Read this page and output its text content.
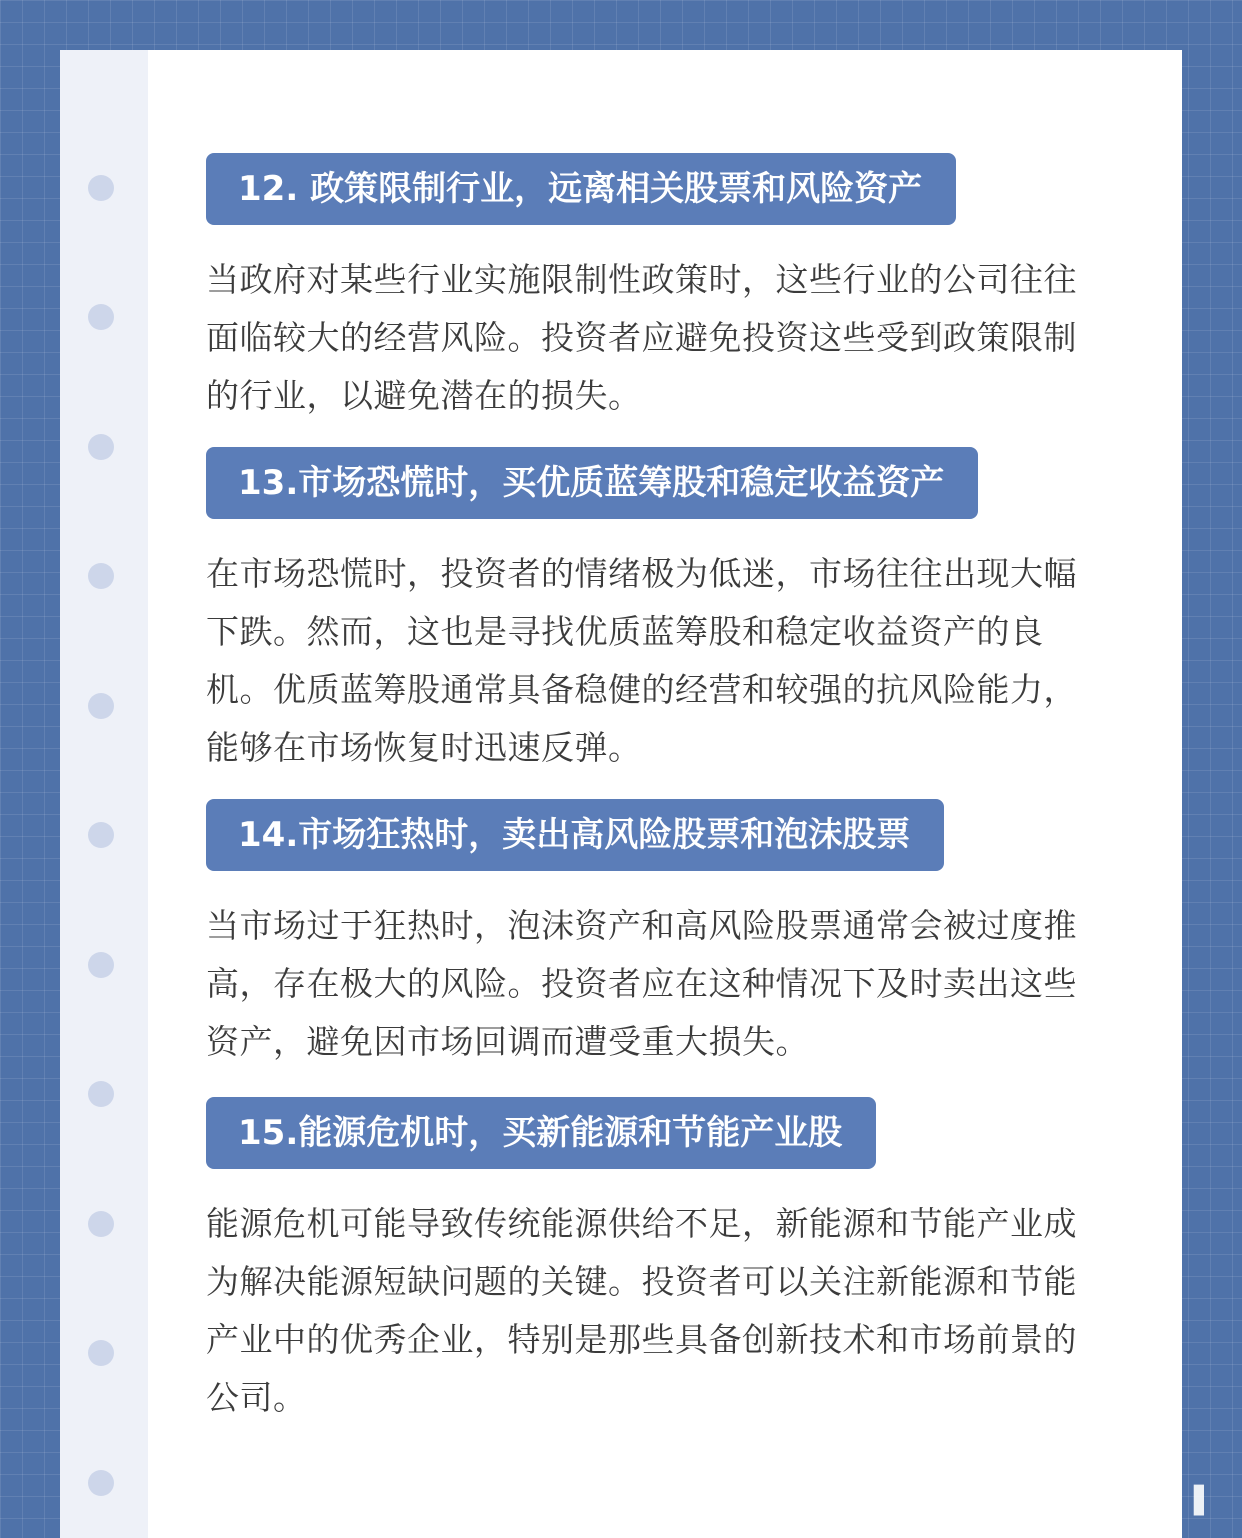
12. 政策限制行业，远离相关股票和风险资产

当政府对某些行业实施限制性政策时，这些行业的公司往往面临较大的经营风险。投资者应避免投资这些受到政策限制的行业，以避免潜在的损失。

13.市场恐慌时，买优质蓝筹股和稳定收益资产

在市场恐慌时，投资者的情绪极为低迷，市场往往出现大幅下跌。然而，这也是寻找优质蓝筹股和稳定收益资产的良机。优质蓝筹股通常具备稳健的经营和较强的抗风险能力，能够在市场恢复时迅速反弹。

14.市场狂热时，卖出高风险股票和泡沫股票

当市场过于狂热时，泡沫资产和高风险股票通常会被过度推高，存在极大的风险。投资者应在这种情况下及时卖出这些资产，避免因市场回调而遭受重大损失。

15.能源危机时，买新能源和节能产业股

能源危机可能导致传统能源供给不足，新能源和节能产业成为解决能源短缺问题的关键。投资者可以关注新能源和节能产业中的优秀企业，特别是那些具备创新技术和市场前景的公司。

▌▌▌▌▌ ▌▌▌
